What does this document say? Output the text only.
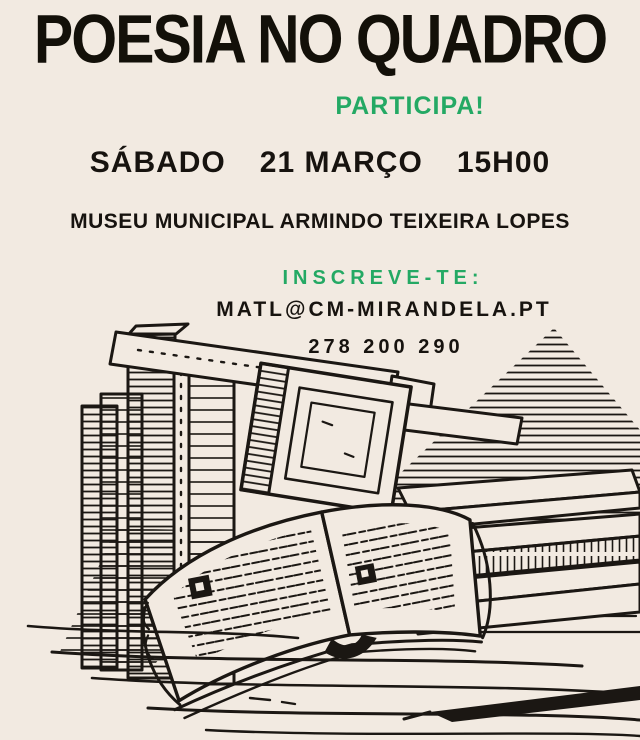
POESIA NO QUADRO
PARTICIPA!
SÁBADO 21 MARÇO 15H00
MUSEU MUNICIPAL ARMINDO TEIXEIRA LOPES
INSCREVE-TE:
MATL@CM-MIRANDELA.PT
278 200 290
